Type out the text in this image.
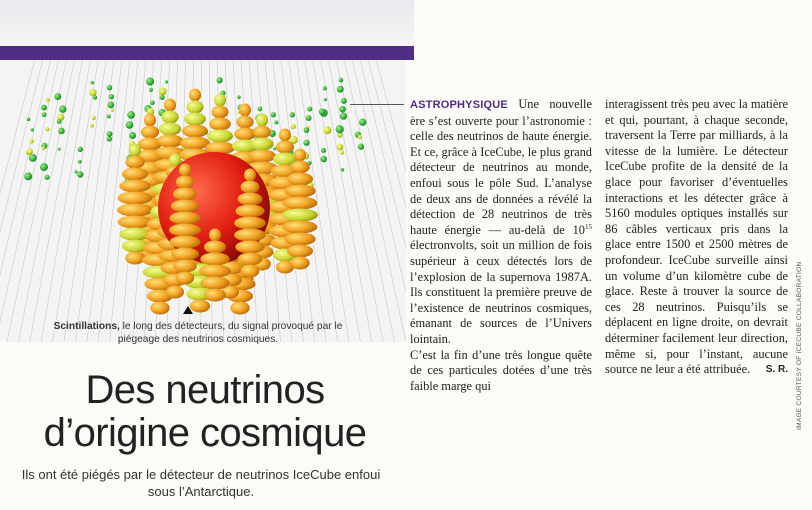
Scintillations, le long des détecteurs, du signal provoqué par le piégeage des neutrinos cosmiques.
Des neutrinos
d’origine cosmique
Ils ont été piégés par le détecteur de neutrinos IceCube enfoui sous l’Antarctique.

ASTROPHYSIQUE Une nouvelle ère s’est ouverte pour l’astronomie : celle des neutrinos de haute énergie. Et ce, grâce à IceCube, le plus grand détecteur de neutrinos au monde, enfoui sous le pôle Sud. L’analyse de deux ans de données a révélé la détection de 28 neutrinos de très haute énergie — au-delà de $10^{15}$ électronvolts, soit un million de fois supérieur à ceux détectés lors de l’explosion de la supernova 1987A. Ils constituent la première preuve de l’existence de neutrinos cosmiques, émanant de sources de l’Univers lointain.

C’est la fin d’une très longue quête de ces particules dotées d’une très faible marge qui

interagissent très peu avec la matière et qui, pourtant, à chaque seconde, traversent la Terre par milliards, à la vitesse de la lumière. Le détecteur IceCube profite de la densité de la glace pour favoriser d’éventuelles interactions et les détecter grâce à 5160 modules optiques installés sur 86 câbles verticaux pris dans la glace entre 1500 et 2500 mètres de profondeur. IceCube surveille ainsi un volume d’un kilomètre cube de glace. Reste à trouver la source de ces 28 neutrinos. Puisqu’ils se déplacent en ligne droite, on devrait déterminer facilement leur direction, même si, pour l’instant, aucune source ne leur a été attribuée. S. R. IMAGE COURTESY OF ICECUBE COLLABORATION
